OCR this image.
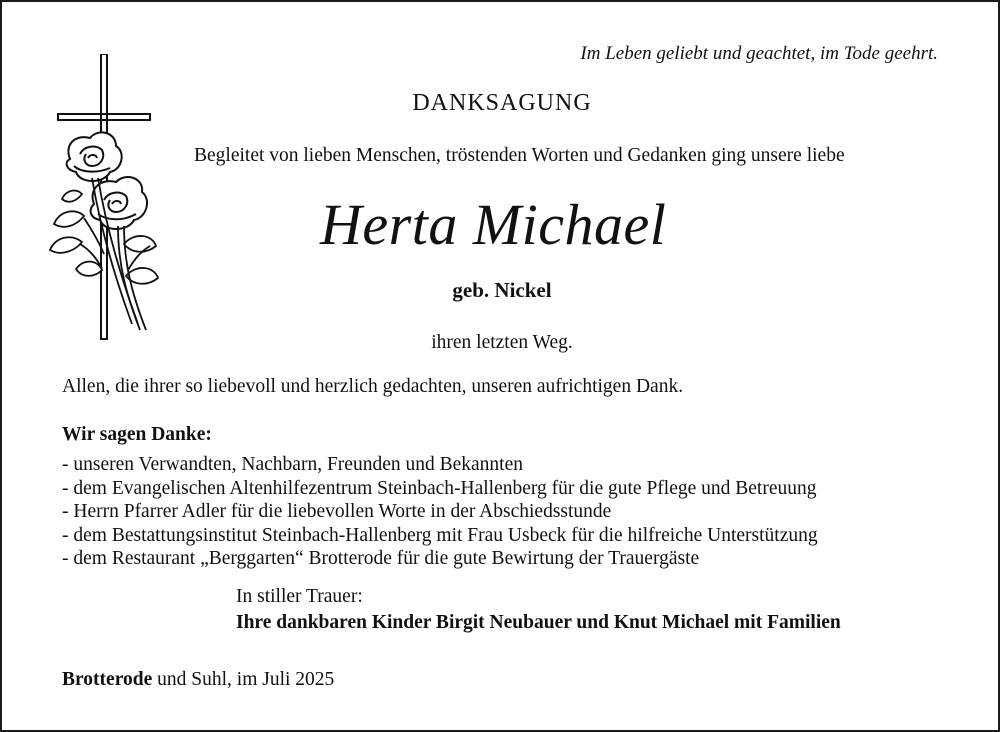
Im Leben geliebt und geachtet, im Tode geehrt.
DANKSAGUNG
Begleitet von lieben Menschen, tröstenden Worten und Gedanken ging unsere liebe
Herta Michael
geb. Nickel
ihren letzten Weg.
Allen, die ihrer so liebevoll und herzlich gedachten, unseren aufrichtigen Dank.
Wir sagen Danke:
- unseren Verwandten, Nachbarn, Freunden und Bekannten
- dem Evangelischen Altenhilfezentrum Steinbach-Hallenberg für die gute Pflege und Betreuung
- Herrn Pfarrer Adler für die liebevollen Worte in der Abschiedsstunde
- dem Bestattungsinstitut Steinbach-Hallenberg mit Frau Usbeck für die hilfreiche Unterstützung
- dem Restaurant „Berggarten“ Brotterode für die gute Bewirtung der Trauergäste
In stiller Trauer:
Ihre dankbaren Kinder Birgit Neubauer und Knut Michael mit Familien
Brotterode und Suhl, im Juli 2025
